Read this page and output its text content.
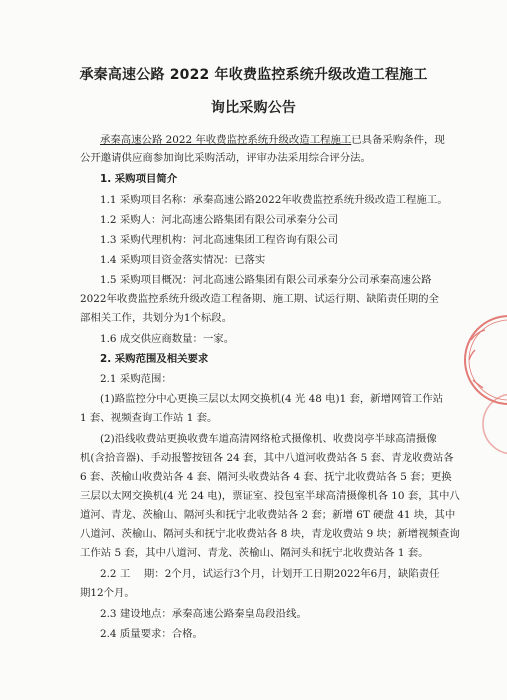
承秦高速公路 2022 年收费监控系统升级改造工程施工
询比采购公告
承秦高速公路 2022 年收费监控系统升级改造工程施工已具备采购条件，现
公开邀请供应商参加询比采购活动，评审办法采用综合评分法。
1. 采购项目简介
1.1 采购项目名称：承秦高速公路2022年收费监控系统升级改造工程施工。
1.2 采购人：河北高速公路集团有限公司承秦分公司
1.3 采购代理机构：河北高速集团工程咨询有限公司
1.4 采购项目资金落实情况：已落实
1.5 采购项目概况：河北高速公路集团有限公司承秦分公司承秦高速公路
2022年收费监控系统升级改造工程备期、施工期、试运行期、缺陷责任期的全
部相关工作，共划分为1个标段。
1.6 成交供应商数量：一家。
2. 采购范围及相关要求
2.1 采购范围：
(1)路监控分中心更换三层以太网交换机(4 光 48 电)1 套，新增网管工作站
1 套、视频查询工作站 1 套。
(2)沿线收费站更换收费车道高清网络枪式摄像机、收费岗亭半球高清摄像
机(含拾音器)、手动报警按钮各 24 套，其中八道河收费站各 5 套、青龙收费站各
6 套、茨榆山收费站各 4 套、隔河头收费站各 4 套、抚宁北收费站各 5 套；更换
三层以太网交换机(4 光 24 电)，票证室、投包室半球高清摄像机各 10 套，其中八
道河、青龙、茨榆山、隔河头和抚宁北收费站各 2 套；新增 6T 硬盘 41 块，其中
八道河、茨榆山、隔河头和抚宁北收费站各 8 块，青龙收费站 9 块；新增视频查询
工作站 5 套，其中八道河、青龙、茨榆山、隔河头和抚宁北收费站各 1 套。
2.2 工　 期：2个月，试运行3个月，计划开工日期2022年6月，缺陷责任
期12个月。
2.3 建设地点：承秦高速公路秦皇岛段沿线。
2.4 质量要求：合格。
